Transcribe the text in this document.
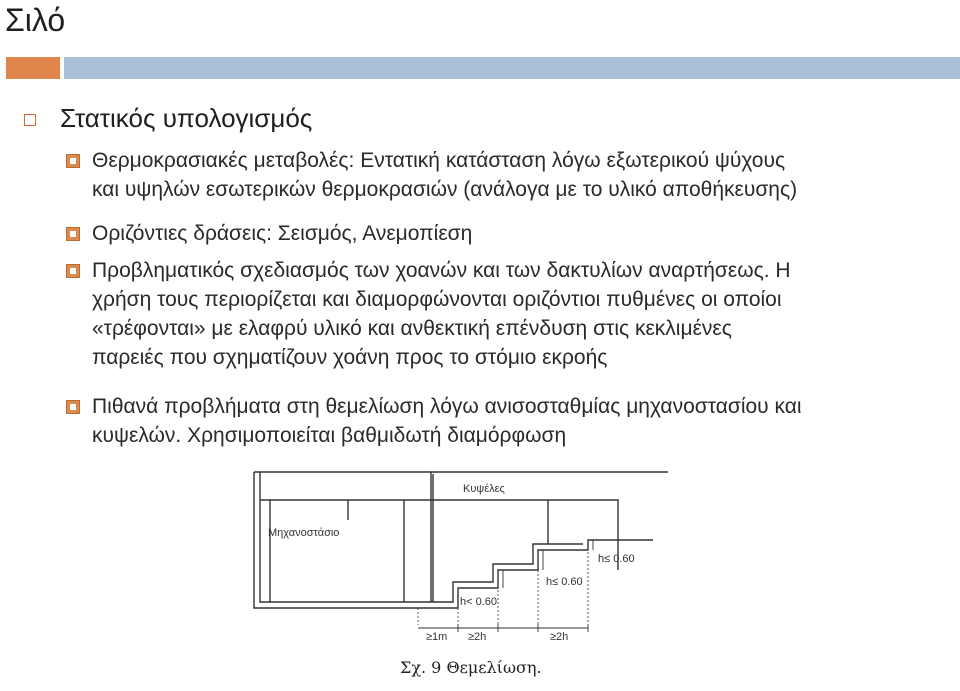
Σιλό
Στατικός υπολογισμός
Θερμοκρασιακές μεταβολές: Εντατική κατάσταση λόγω εξωτερικού ψύχους
και υψηλών εσωτερικών θερμοκρασιών (ανάλογα με το υλικό αποθήκευσης)
Οριζόντιες δράσεις: Σεισμός, Ανεμοπίεση
Προβληματικός σχεδιασμός των χοανών και των δακτυλίων αναρτήσεως. Η
χρήση τους περιορίζεται και διαμορφώνονται οριζόντιοι πυθμένες οι οποίοι
«τρέφονται» με ελαφρύ υλικό και ανθεκτική επένδυση στις κεκλιμένες
παρειές που σχηματίζουν χοάνη προς το στόμιο εκροής
Πιθανά προβλήματα στη θεμελίωση λόγω ανισοσταθμίας μηχανοστασίου και
κυψελών. Χρησιμοποιείται βαθμιδωτή διαμόρφωση
Κυψέλες
Μηχανοστάσιο
h≤ 0.60
h≤ 0.60
h< 0.60
≥1m ≥2h	≥2h
Σχ. 9 Θεμελίωση.
